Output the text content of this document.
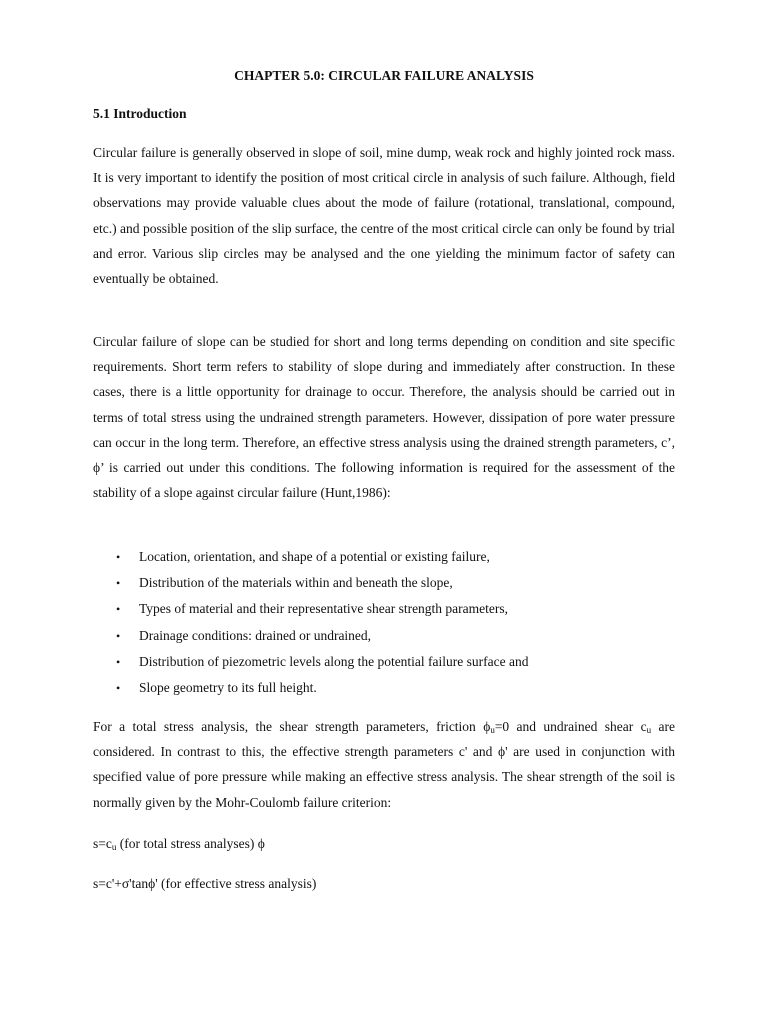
CHAPTER 5.0: CIRCULAR FAILURE ANALYSIS
5.1 Introduction

Circular failure is generally observed in slope of soil, mine dump, weak rock and highly jointed rock mass. It is very important to identify the position of most critical circle in analysis of such failure. Although, field observations may provide valuable clues about the mode of failure (rotational, translational, compound, etc.) and possible position of the slip surface, the centre of the most critical circle can only be found by trial and error. Various slip circles may be analysed and the one yielding the minimum factor of safety can eventually be obtained.

Circular failure of slope can be studied for short and long terms depending on condition and site specific requirements. Short term refers to stability of slope during and immediately after construction. In these cases, there is a little opportunity for drainage to occur. Therefore, the analysis should be carried out in terms of total stress using the undrained strength parameters. However, dissipation of pore water pressure can occur in the long term. Therefore, an effective stress analysis using the drained strength parameters, c’, ϕ’ is carried out under this conditions. The following information is required for the assessment of the stability of a slope against circular failure (Hunt,1986):

• Location, orientation, and shape of a potential or existing failure,
• Distribution of the materials within and beneath the slope,
• Types of material and their representative shear strength parameters,
• Drainage conditions: drained or undrained,
• Distribution of piezometric levels along the potential failure surface and
• Slope geometry to its full height.

For a total stress analysis, the shear strength parameters, friction $\phi_u=0$ and undrained shear $c_u$ are considered. In contrast to this, the effective strength parameters c' and ϕ' are used in conjunction with specified value of pore pressure while making an effective stress analysis. The shear strength of the soil is normally given by the Mohr-Coulomb failure criterion:

$s=c_u$ (for total stress analyses) ϕ
s=c'+σ'tanϕ' (for effective stress analysis)
